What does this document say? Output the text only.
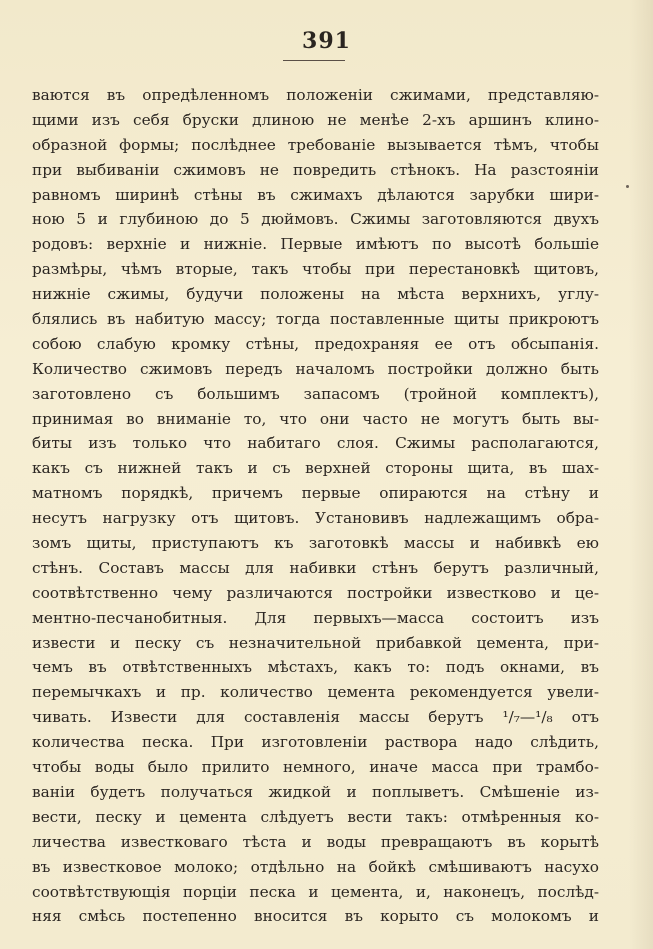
391
ваются въ опредѣленномъ положеніи сжимами, представляю-
щими изъ себя бруски длиною не менѣе 2-хъ аршинъ клино-
образной формы; послѣднее требованіе вызывается тѣмъ, чтобы
при выбиваніи сжимовъ не повредить стѣнокъ. На разстояніи
равномъ ширинѣ стѣны въ сжимахъ дѣлаются зарубки шири-
ною 5 и глубиною до 5 дюймовъ. Сжимы заготовляются двухъ
родовъ: верхніе и нижніе. Первые имѣютъ по высотѣ большіе
размѣры, чѣмъ вторые, такъ чтобы при перестановкѣ щитовъ,
нижніе сжимы, будучи положены на мѣста верхнихъ, углу-
блялись въ набитую массу; тогда поставленные щиты прикроютъ
собою слабую кромку стѣны, предохраняя ее отъ обсыпанія.
Количество сжимовъ передъ началомъ постройки должно быть
заготовлено съ большимъ запасомъ (тройной комплектъ),
принимая во вниманіе то, что они часто не могутъ быть вы-
биты изъ только что набитаго слоя. Сжимы располагаются,
какъ съ нижней такъ и съ верхней стороны щита, въ шах-
матномъ порядкѣ, причемъ первые опираются на стѣну и
несутъ нагрузку отъ щитовъ. Установивъ надлежащимъ обра-
зомъ щиты, приступаютъ къ заготовкѣ массы и набивкѣ ею
стѣнъ. Составъ массы для набивки стѣнъ берутъ различный,
соотвѣтственно чему различаются постройки известково и це-
ментно-песчанобитныя. Для первыхъ—масса состоитъ изъ
извести и песку съ незначительной прибавкой цемента, при-
чемъ въ отвѣтственныхъ мѣстахъ, какъ то: подъ окнами, въ
перемычкахъ и пр. количество цемента рекомендуется увели-
чивать. Извести для составленія массы берутъ ¹/₇—¹/₈ отъ
количества песка. При изготовленіи раствора надо слѣдить,
чтобы воды было прилито немного, иначе масса при трамбо-
ваніи будетъ получаться жидкой и поплыветъ. Смѣшеніе из-
вести, песку и цемента слѣдуетъ вести такъ: отмѣренныя ко-
личества известковаго тѣста и воды превращаютъ въ корытѣ
въ известковое молоко; отдѣльно на бойкѣ смѣшиваютъ насухо
соотвѣтствующія порціи песка и цемента, и, наконецъ, послѣд-
няя смѣсь постепенно вносится въ корыто съ молокомъ и
